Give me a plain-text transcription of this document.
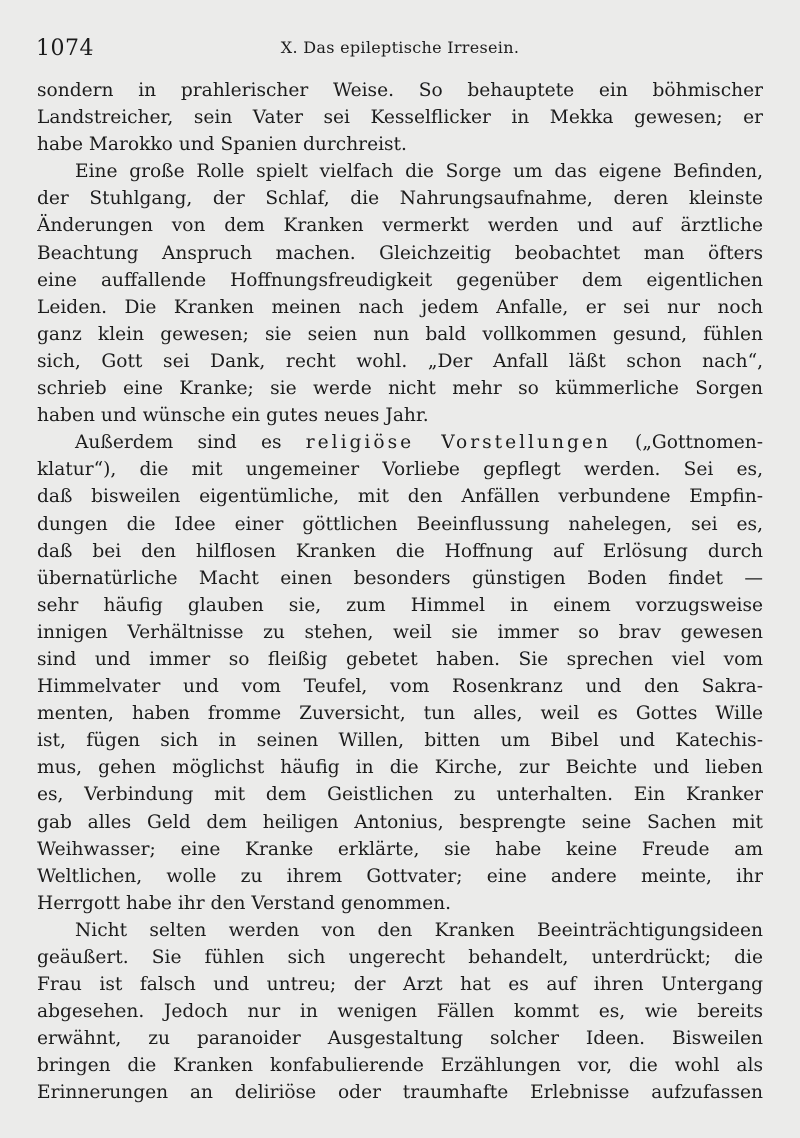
1074	X. Das epileptische Irresein.
sondern in prahlerischer Weise. So behauptete ein böhmischer
Landstreicher, sein Vater sei Kesselflicker in Mekka gewesen; er
habe Marokko und Spanien durchreist.
Eine große Rolle spielt vielfach die Sorge um das eigene Befinden,
der Stuhlgang, der Schlaf, die Nahrungsaufnahme, deren kleinste
Änderungen von dem Kranken vermerkt werden und auf ärztliche
Beachtung Anspruch machen. Gleichzeitig beobachtet man öfters
eine auffallende Hoffnungsfreudigkeit gegenüber dem eigentlichen
Leiden. Die Kranken meinen nach jedem Anfalle, er sei nur noch
ganz klein gewesen; sie seien nun bald vollkommen gesund, fühlen
sich, Gott sei Dank, recht wohl. „Der Anfall läßt schon nach“,
schrieb eine Kranke; sie werde nicht mehr so kümmerliche Sorgen
haben und wünsche ein gutes neues Jahr.
Außerdem sind es religiöse Vorstellungen („Gottnomen-
klatur“), die mit ungemeiner Vorliebe gepflegt werden. Sei es,
daß bisweilen eigentümliche, mit den Anfällen verbundene Empfin-
dungen die Idee einer göttlichen Beeinflussung nahelegen, sei es,
daß bei den hilflosen Kranken die Hoffnung auf Erlösung durch
übernatürliche Macht einen besonders günstigen Boden findet —
sehr häufig glauben sie, zum Himmel in einem vorzugsweise
innigen Verhältnisse zu stehen, weil sie immer so brav gewesen
sind und immer so fleißig gebetet haben. Sie sprechen viel vom
Himmelvater und vom Teufel, vom Rosenkranz und den Sakra-
menten, haben fromme Zuversicht, tun alles, weil es Gottes Wille
ist, fügen sich in seinen Willen, bitten um Bibel und Katechis-
mus, gehen möglichst häufig in die Kirche, zur Beichte und lieben
es, Verbindung mit dem Geistlichen zu unterhalten. Ein Kranker
gab alles Geld dem heiligen Antonius, besprengte seine Sachen mit
Weihwasser; eine Kranke erklärte, sie habe keine Freude am
Weltlichen, wolle zu ihrem Gottvater; eine andere meinte, ihr
Herrgott habe ihr den Verstand genommen.
Nicht selten werden von den Kranken Beeinträchtigungsideen
geäußert. Sie fühlen sich ungerecht behandelt, unterdrückt; die
Frau ist falsch und untreu; der Arzt hat es auf ihren Untergang
abgesehen. Jedoch nur in wenigen Fällen kommt es, wie bereits
erwähnt, zu paranoider Ausgestaltung solcher Ideen. Bisweilen
bringen die Kranken konfabulierende Erzählungen vor, die wohl als
Erinnerungen an deliriöse oder traumhafte Erlebnisse aufzufassen
